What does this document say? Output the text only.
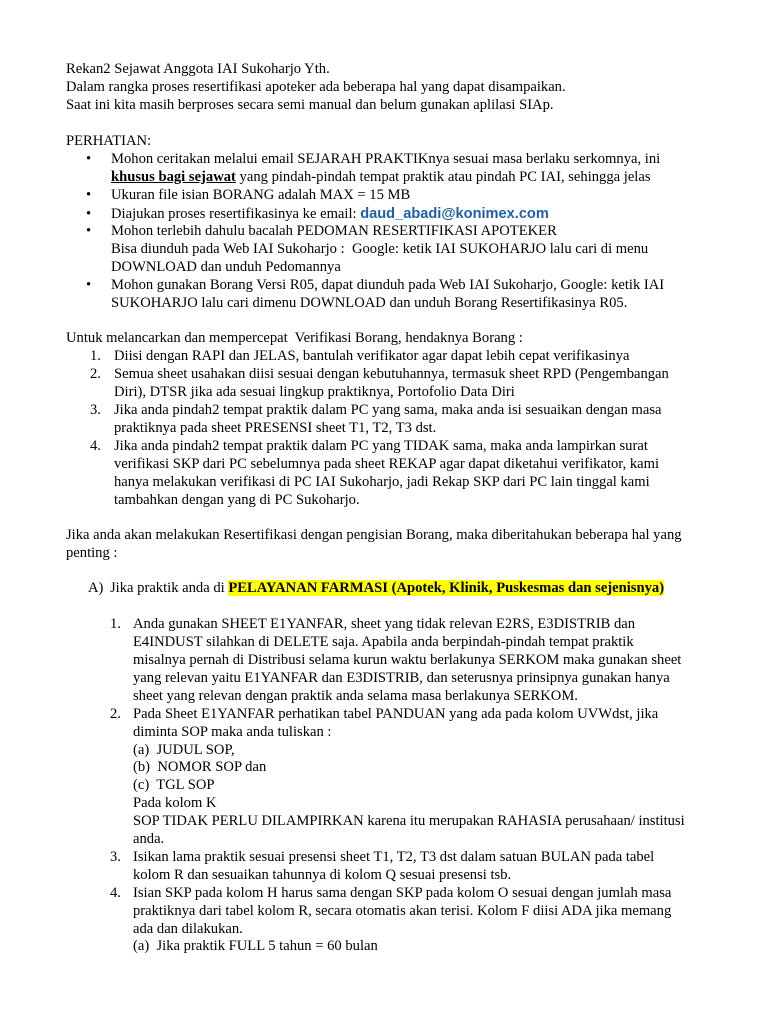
Rekan2 Sejawat Anggota IAI Sukoharjo Yth.
Dalam rangka proses resertifikasi apoteker ada beberapa hal yang dapat disampaikan.
Saat ini kita masih berproses secara semi manual dan belum gunakan aplilasi SIAp.
PERHATIAN:
• Mohon ceritakan melalui email SEJARAH PRAKTIKnya sesuai masa berlaku serkomnya, ini
khusus bagi sejawat yang pindah-pindah tempat praktik atau pindah PC IAI, sehingga jelas
• Ukuran file isian BORANG adalah MAX = 15 MB
• Diajukan proses resertifikasinya ke email: daud_abadi@konimex.com
• Mohon terlebih dahulu bacalah PEDOMAN RESERTIFIKASI APOTEKER
Bisa diunduh pada Web IAI Sukoharjo :  Google: ketik IAI SUKOHARJO lalu cari di menu
DOWNLOAD dan unduh Pedomannya
• Mohon gunakan Borang Versi R05, dapat diunduh pada Web IAI Sukoharjo, Google: ketik IAI
SUKOHARJO lalu cari dimenu DOWNLOAD dan unduh Borang Resertifikasinya R05.
Untuk melancarkan dan mempercepat  Verifikasi Borang, hendaknya Borang :
1. Diisi dengan RAPI dan JELAS, bantulah verifikator agar dapat lebih cepat verifikasinya
2. Semua sheet usahakan diisi sesuai dengan kebutuhannya, termasuk sheet RPD (Pengembangan
Diri), DTSR jika ada sesuai lingkup praktiknya, Portofolio Data Diri
3. Jika anda pindah2 tempat praktik dalam PC yang sama, maka anda isi sesuaikan dengan masa
praktiknya pada sheet PRESENSI sheet T1, T2, T3 dst.
4. Jika anda pindah2 tempat praktik dalam PC yang TIDAK sama, maka anda lampirkan surat
verifikasi SKP dari PC sebelumnya pada sheet REKAP agar dapat diketahui verifikator, kami
hanya melakukan verifikasi di PC IAI Sukoharjo, jadi Rekap SKP dari PC lain tinggal kami
tambahkan dengan yang di PC Sukoharjo.
Jika anda akan melakukan Resertifikasi dengan pengisian Borang, maka diberitahukan beberapa hal yang
penting :
A) Jika praktik anda di PELAYANAN FARMASI (Apotek, Klinik, Puskesmas dan sejenisnya)
1. Anda gunakan SHEET E1YANFAR, sheet yang tidak relevan E2RS, E3DISTRIB dan
E4INDUST silahkan di DELETE saja. Apabila anda berpindah-pindah tempat praktik
misalnya pernah di Distribusi selama kurun waktu berlakunya SERKOM maka gunakan sheet
yang relevan yaitu E1YANFAR dan E3DISTRIB, dan seterusnya prinsipnya gunakan hanya
sheet yang relevan dengan praktik anda selama masa berlakunya SERKOM.
2. Pada Sheet E1YANFAR perhatikan tabel PANDUAN yang ada pada kolom UVWdst, jika
diminta SOP maka anda tuliskan :
(a)  JUDUL SOP,
(b)  NOMOR SOP dan
(c)  TGL SOP
Pada kolom K
SOP TIDAK PERLU DILAMPIRKAN karena itu merupakan RAHASIA perusahaan/ institusi
anda.
3. Isikan lama praktik sesuai presensi sheet T1, T2, T3 dst dalam satuan BULAN pada tabel
kolom R dan sesuaikan tahunnya di kolom Q sesuai presensi tsb.
4. Isian SKP pada kolom H harus sama dengan SKP pada kolom O sesuai dengan jumlah masa
praktiknya dari tabel kolom R, secara otomatis akan terisi. Kolom F diisi ADA jika memang
ada dan dilakukan.
(a)  Jika praktik FULL 5 tahun = 60 bulan
